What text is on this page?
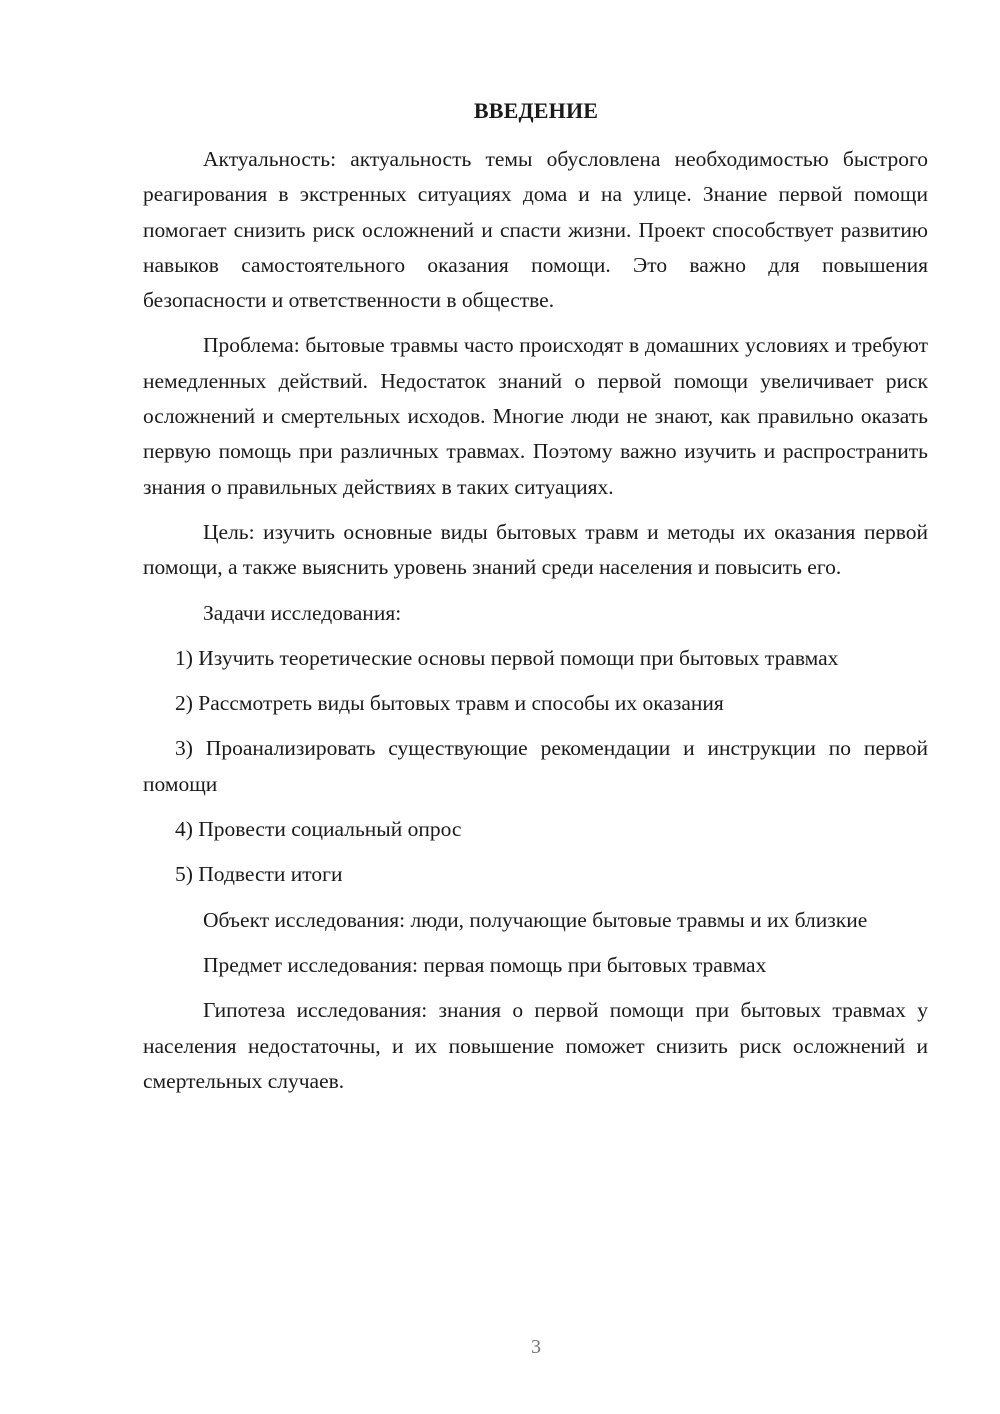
ВВЕДЕНИЕ

Актуальность: актуальность темы обусловлена необходимостью быстрого реагирования в экстренных ситуациях дома и на улице. Знание первой помощи помогает снизить риск осложнений и спасти жизни. Проект способствует развитию навыков самостоятельного оказания помощи. Это важно для повышения безопасности и ответственности в обществе.

Проблема: бытовые травмы часто происходят в домашних условиях и требуют немедленных действий. Недостаток знаний о первой помощи увеличивает риск осложнений и смертельных исходов. Многие люди не знают, как правильно оказать первую помощь при различных травмах. Поэтому важно изучить и распространить знания о правильных действиях в таких ситуациях.

Цель: изучить основные виды бытовых травм и методы их оказания первой помощи, а также выяснить уровень знаний среди населения и повысить его.

Задачи исследования:

1) Изучить теоретические основы первой помощи при бытовых травмах

2) Рассмотреть виды бытовых травм и способы их оказания

3) Проанализировать существующие рекомендации и инструкции по первой помощи

4) Провести социальный опрос

5) Подвести итоги

Объект исследования: люди, получающие бытовые травмы и их близкие

Предмет исследования: первая помощь при бытовых травмах

Гипотеза исследования: знания о первой помощи при бытовых травмах у населения недостаточны, и их повышение поможет снизить риск осложнений и смертельных случаев.

3
